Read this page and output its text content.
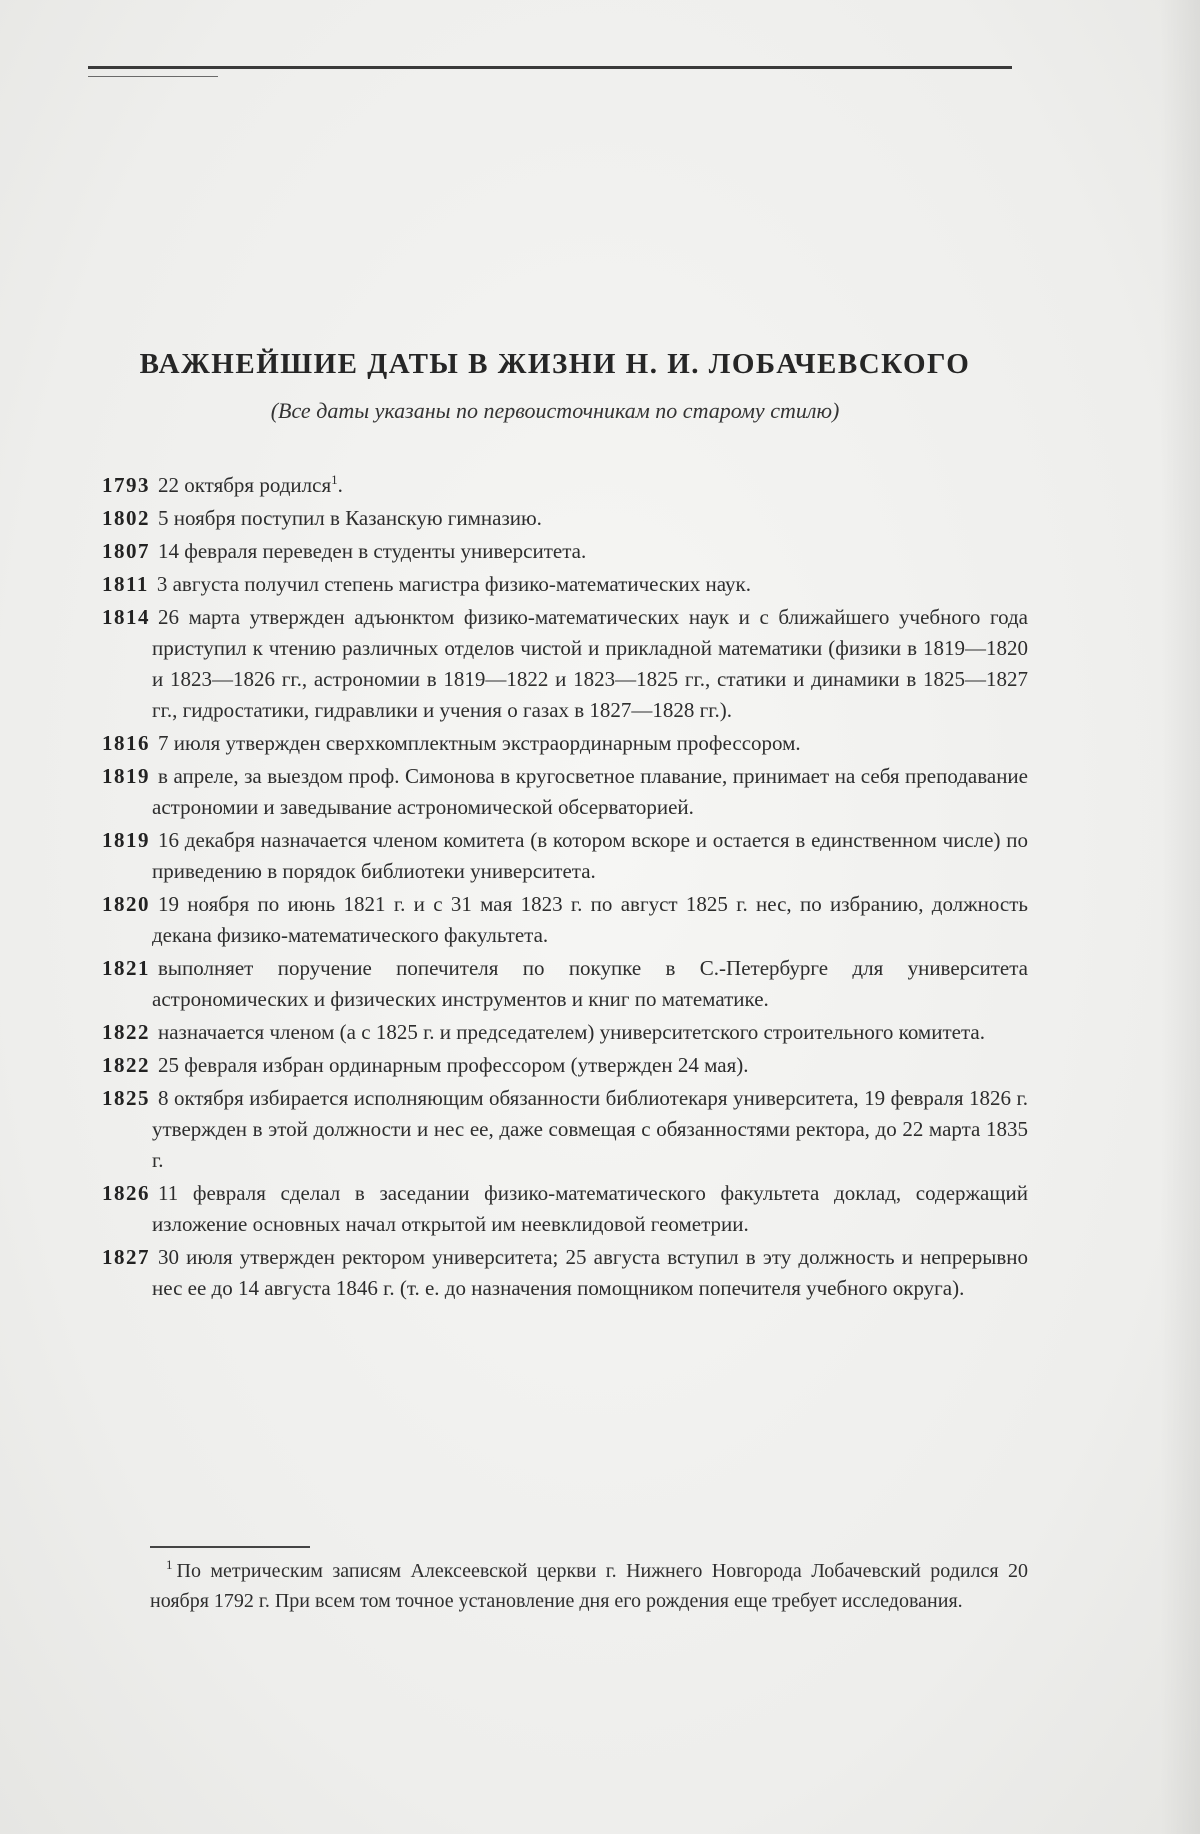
ВАЖНЕЙШИЕ ДАТЫ В ЖИЗНИ Н. И. ЛОБАЧЕВСКОГО

(Все даты указаны по первоисточникам по старому стилю)

1793 22 октября родился$^1$.
1802 5 ноября поступил в Казанскую гимназию.
1807 14 февраля переведен в студенты университета.
1811 3 августа получил степень магистра физико-математических наук.
1814 26 марта утвержден адъюнктом физико-математических наук и с ближайшего учебного года приступил к чтению различных отделов чистой и прикладной математики (физики в 1819—1820 и 1823—1826 гг., астрономии в 1819—1822 и 1823—1825 гг., статики и динамики в 1825—1827 гг., гидростатики, гидравлики и учения о газах в 1827—1828 гг.).
1816 7 июля утвержден сверхкомплектным экстраординарным профессором.
1819 в апреле, за выездом проф. Симонова в кругосветное плавание, принимает на себя преподавание астрономии и заведывание астрономической обсерваторией.
1819 16 декабря назначается членом комитета (в котором вскоре и остается в единственном числе) по приведению в порядок библиотеки университета.
1820 19 ноября по июнь 1821 г. и с 31 мая 1823 г. по август 1825 г. нес, по избранию, должность декана физико-математического факультета.
1821 выполняет поручение попечителя по покупке в С.-Петербурге для университета астрономических и физических инструментов и книг по математике.
1822 назначается членом (а с 1825 г. и председателем) университетского строительного комитета.
1822 25 февраля избран ординарным профессором (утвержден 24 мая).
1825 8 октября избирается исполняющим обязанности библиотекаря университета, 19 февраля 1826 г. утвержден в этой должности и нес ее, даже совмещая с обязанностями ректора, до 22 марта 1835 г.
1826 11 февраля сделал в заседании физико-математического факультета доклад, содержащий изложение основных начал открытой им неевклидовой геометрии.
1827 30 июля утвержден ректором университета; 25 августа вступил в эту должность и непрерывно нес ее до 14 августа 1846 г. (т. е. до назначения помощником попечителя учебного округа).
$^1$ По метрическим записям Алексеевской церкви г. Нижнего Новгорода Лобачевский родился 20 ноября 1792 г. При всем том точное установление дня его рождения еще требует исследования.
